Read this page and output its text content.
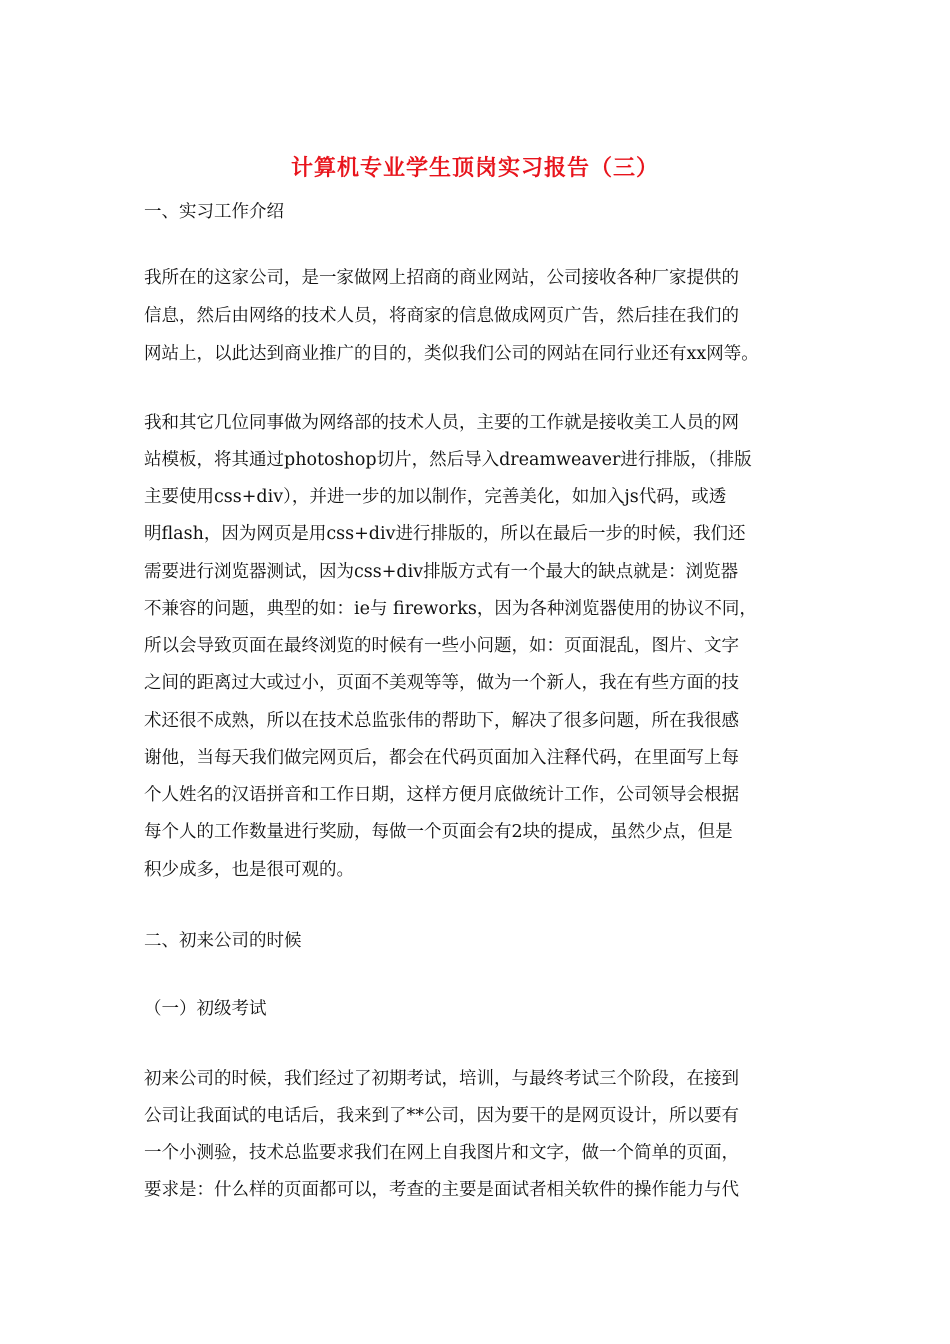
计算机专业学生顶岗实习报告（三）
一、实习工作介绍
我所在的这家公司，是一家做网上招商的商业网站，公司接收各种厂家提供的
信息，然后由网络的技术人员，将商家的信息做成网页广告，然后挂在我们的
网站上，以此达到商业推广的目的，类似我们公司的网站在同行业还有xx网等。
我和其它几位同事做为网络部的技术人员，主要的工作就是接收美工人员的网
站模板，将其通过photoshop切片，然后导入dreamweaver进行排版，（排版
主要使用css+div），并进一步的加以制作，完善美化，如加入js代码，或透
明flash，因为网页是用css+div进行排版的，所以在最后一步的时候，我们还
需要进行浏览器测试，因为css+div排版方式有一个最大的缺点就是：浏览器
不兼容的问题，典型的如：ie与 fireworks，因为各种浏览器使用的协议不同，
所以会导致页面在最终浏览的时候有一些小问题，如：页面混乱，图片、文字
之间的距离过大或过小，页面不美观等等，做为一个新人，我在有些方面的技
术还很不成熟，所以在技术总监张伟的帮助下，解决了很多问题，所在我很感
谢他，当每天我们做完网页后，都会在代码页面加入注释代码，在里面写上每
个人姓名的汉语拼音和工作日期，这样方便月底做统计工作，公司领导会根据
每个人的工作数量进行奖励，每做一个页面会有2块的提成，虽然少点，但是
积少成多，也是很可观的。
二、初来公司的时候
（一）初级考试
初来公司的时候，我们经过了初期考试，培训，与最终考试三个阶段，在接到
公司让我面试的电话后，我来到了**公司，因为要干的是网页设计，所以要有
一个小测验，技术总监要求我们在网上自我图片和文字，做一个简单的页面，
要求是：什么样的页面都可以，考查的主要是面试者相关软件的操作能力与代
